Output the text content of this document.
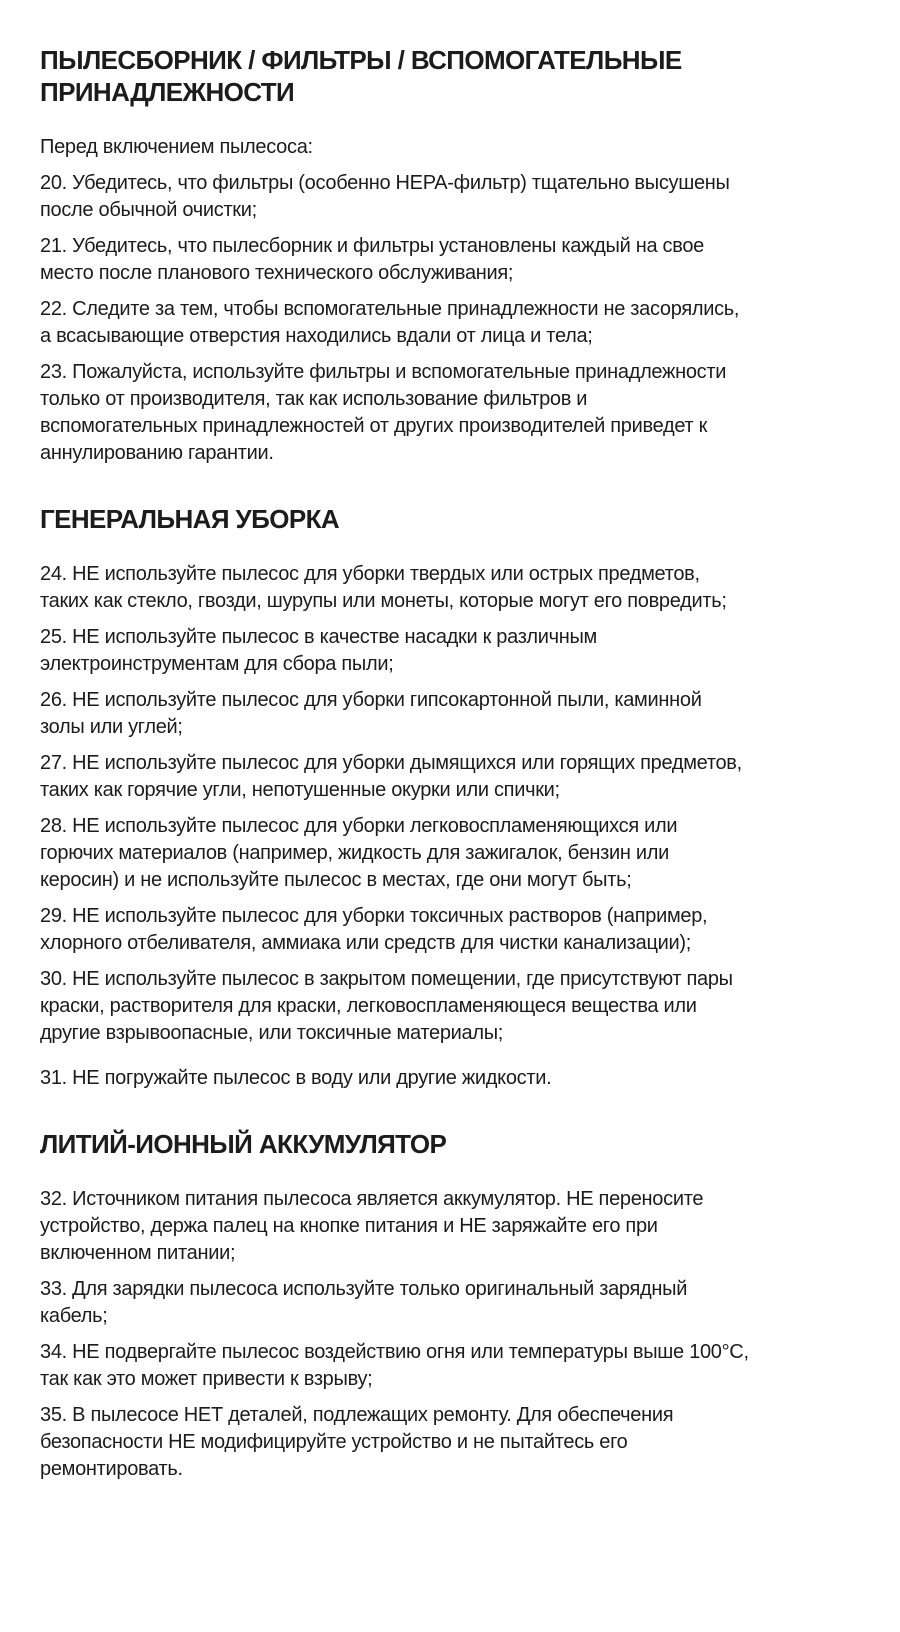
ПЫЛЕСБОРНИК / ФИЛЬТРЫ / ВСПОМОГАТЕЛЬНЫЕ
ПРИНАДЛЕЖНОСТИ

Перед включением пылесоса:

20. Убедитесь, что фильтры (особенно HEPA-фильтр) тщательно высушены
после обычной очистки;

21. Убедитесь, что пылесборник и фильтры установлены каждый на свое
место после планового технического обслуживания;

22. Следите за тем, чтобы вспомогательные принадлежности не засорялись,
а всасывающие отверстия находились вдали от лица и тела;

23. Пожалуйста, используйте фильтры и вспомогательные принадлежности
только от производителя, так как использование фильтров и
вспомогательных принадлежностей от других производителей приведет к
аннулированию гарантии.

ГЕНЕРАЛЬНАЯ УБОРКА

24. НЕ используйте пылесос для уборки твердых или острых предметов,
таких как стекло, гвозди, шурупы или монеты, которые могут его повредить;

25. НЕ используйте пылесос в качестве насадки к различным
электроинструментам для сбора пыли;

26. НЕ используйте пылесос для уборки гипсокартонной пыли, каминной
золы или углей;

27. НЕ используйте пылесос для уборки дымящихся или горящих предметов,
таких как горячие угли, непотушенные окурки или спички;

28. НЕ используйте пылесос для уборки легковоспламеняющихся или
горючих материалов (например, жидкость для зажигалок, бензин или
керосин) и не используйте пылесос в местах, где они могут быть;

29. НЕ используйте пылесос для уборки токсичных растворов (например,
хлорного отбеливателя, аммиака или средств для чистки канализации);

30. НЕ используйте пылесос в закрытом помещении, где присутствуют пары
краски, растворителя для краски, легковоспламеняющеся вещества или
другие взрывоопасные, или токсичные материалы;

31. НЕ погружайте пылесос в воду или другие жидкости.

ЛИТИЙ-ИОННЫЙ АККУМУЛЯТОР

32. Источником питания пылесоса является аккумулятор. НЕ переносите
устройство, держа палец на кнопке питания и НЕ заряжайте его при
включенном питании;

33. Для зарядки пылесоса используйте только оригинальный зарядный
кабель;

34. НЕ подвергайте пылесос воздействию огня или температуры выше 100°С,
так как это может привести к взрыву;

35. В пылесосе НЕТ деталей, подлежащих ремонту. Для обеспечения
безопасности НЕ модифицируйте устройство и не пытайтесь его
ремонтировать.
